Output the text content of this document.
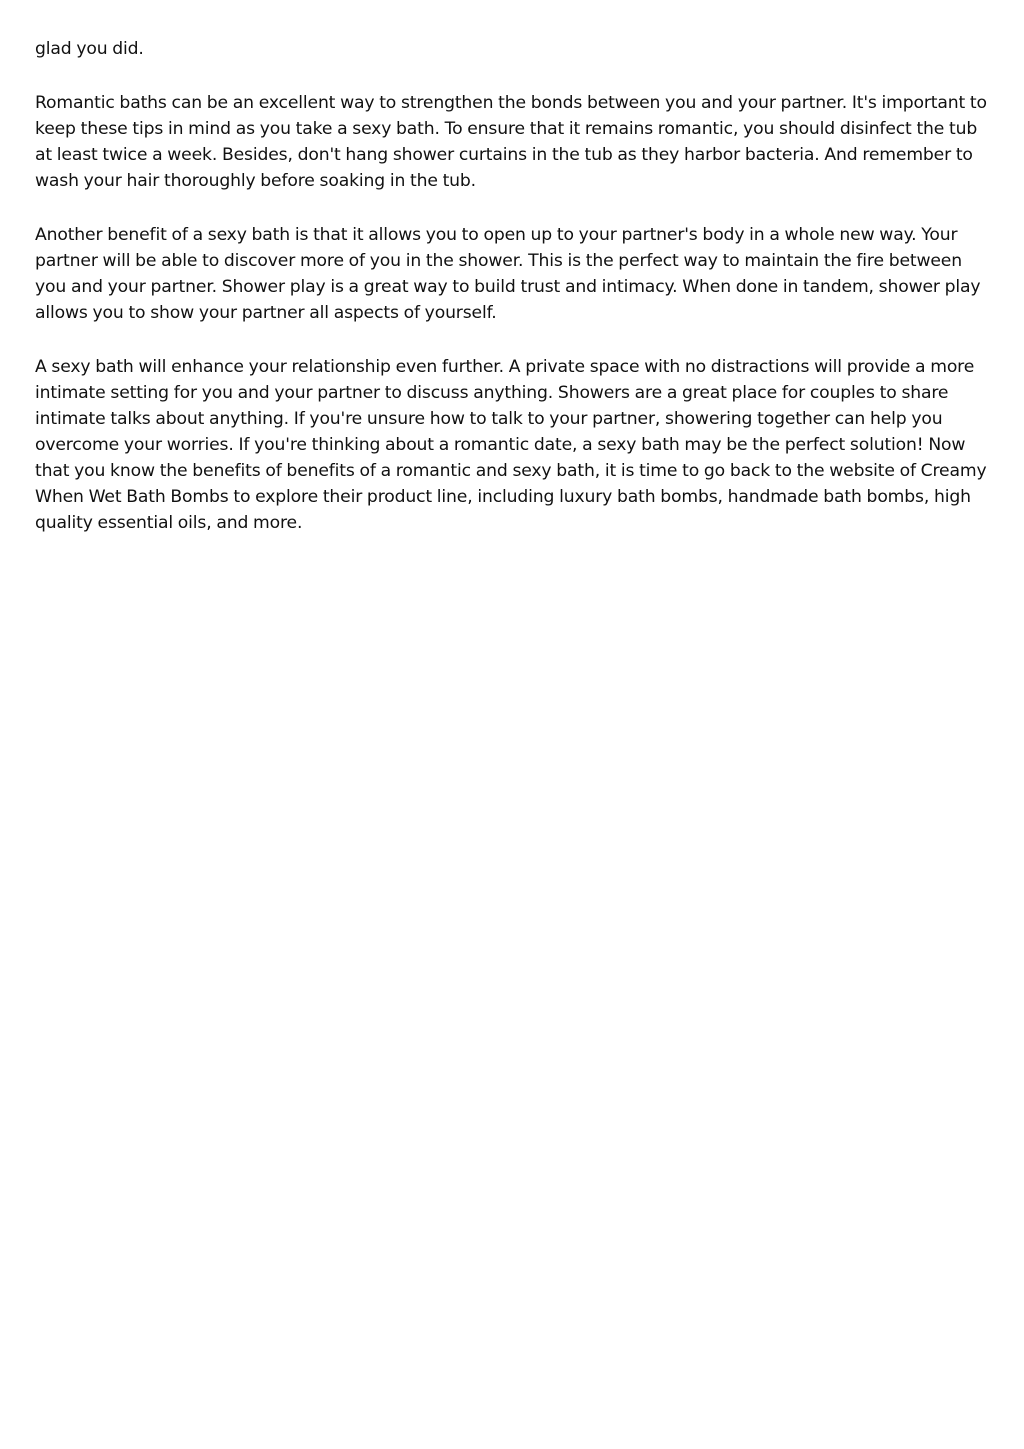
glad you did.

Romantic baths can be an excellent way to strengthen the bonds between you and your partner. It's important to keep these tips in mind as you take a sexy bath. To ensure that it remains romantic, you should disinfect the tub at least twice a week. Besides, don't hang shower curtains in the tub as they harbor bacteria. And remember to wash your hair thoroughly before soaking in the tub.

Another benefit of a sexy bath is that it allows you to open up to your partner's body in a whole new way. Your partner will be able to discover more of you in the shower. This is the perfect way to maintain the fire between you and your partner. Shower play is a great way to build trust and intimacy. When done in tandem, shower play allows you to show your partner all aspects of yourself.

A sexy bath will enhance your relationship even further. A private space with no distractions will provide a more intimate setting for you and your partner to discuss anything. Showers are a great place for couples to share intimate talks about anything. If you're unsure how to talk to your partner, showering together can help you overcome your worries. If you're thinking about a romantic date, a sexy bath may be the perfect solution! Now that you know the benefits of benefits of a romantic and sexy bath, it is time to go back to the website of Creamy When Wet Bath Bombs to explore their product line, including luxury bath bombs, handmade bath bombs, high quality essential oils, and more.
